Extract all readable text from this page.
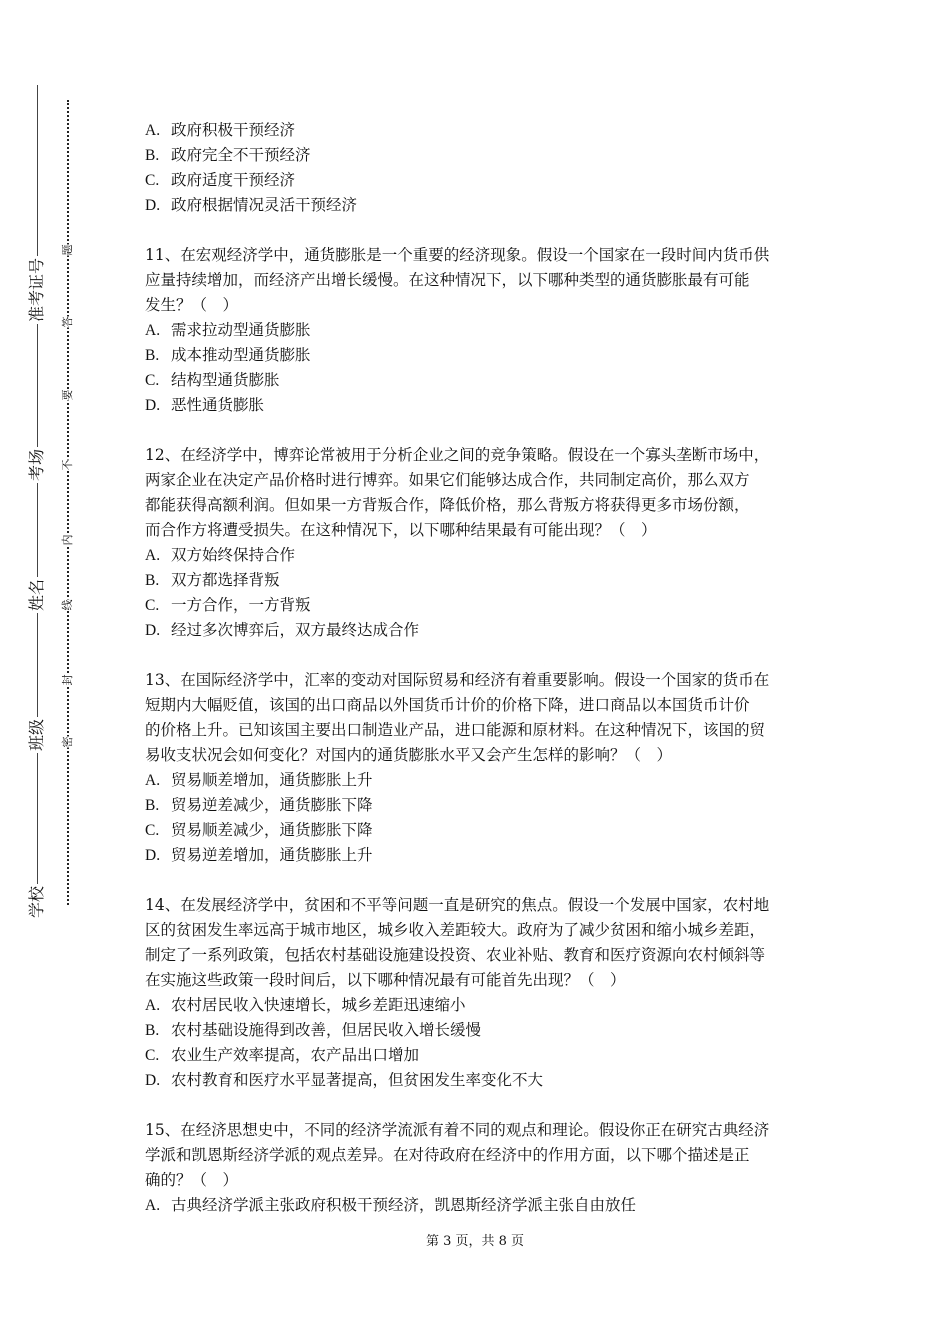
准考证号
考场
姓名
班级
学校
题
答
要
不
内
线
封
密
A. 政府积极干预经济
B. 政府完全不干预经济
C. 政府适度干预经济
D. 政府根据情况灵活干预经济
11、在宏观经济学中，通货膨胀是一个重要的经济现象。假设一个国家在一段时间内货币供
应量持续增加，而经济产出增长缓慢。在这种情况下，以下哪种类型的通货膨胀最有可能
发生？（　）
A. 需求拉动型通货膨胀
B. 成本推动型通货膨胀
C. 结构型通货膨胀
D. 恶性通货膨胀
12、在经济学中，博弈论常被用于分析企业之间的竞争策略。假设在一个寡头垄断市场中，
两家企业在决定产品价格时进行博弈。如果它们能够达成合作，共同制定高价，那么双方
都能获得高额利润。但如果一方背叛合作，降低价格，那么背叛方将获得更多市场份额，
而合作方将遭受损失。在这种情况下，以下哪种结果最有可能出现？（　）
A. 双方始终保持合作
B. 双方都选择背叛
C. 一方合作，一方背叛
D. 经过多次博弈后，双方最终达成合作
13、在国际经济学中，汇率的变动对国际贸易和经济有着重要影响。假设一个国家的货币在
短期内大幅贬值，该国的出口商品以外国货币计价的价格下降，进口商品以本国货币计价
的价格上升。已知该国主要出口制造业产品，进口能源和原材料。在这种情况下，该国的贸
易收支状况会如何变化？对国内的通货膨胀水平又会产生怎样的影响？（　）
A. 贸易顺差增加，通货膨胀上升
B. 贸易逆差减少，通货膨胀下降
C. 贸易顺差减少，通货膨胀下降
D. 贸易逆差增加，通货膨胀上升
14、在发展经济学中，贫困和不平等问题一直是研究的焦点。假设一个发展中国家，农村地
区的贫困发生率远高于城市地区，城乡收入差距较大。政府为了减少贫困和缩小城乡差距，
制定了一系列政策，包括农村基础设施建设投资、农业补贴、教育和医疗资源向农村倾斜等
在实施这些政策一段时间后，以下哪种情况最有可能首先出现？（　）
A. 农村居民收入快速增长，城乡差距迅速缩小
B. 农村基础设施得到改善，但居民收入增长缓慢
C. 农业生产效率提高，农产品出口增加
D. 农村教育和医疗水平显著提高，但贫困发生率变化不大
15、在经济思想史中，不同的经济学流派有着不同的观点和理论。假设你正在研究古典经济
学派和凯恩斯经济学派的观点差异。在对待政府在经济中的作用方面，以下哪个描述是正
确的？（　）
A. 古典经济学派主张政府积极干预经济，凯恩斯经济学派主张自由放任
第 3 页，共 8 页
